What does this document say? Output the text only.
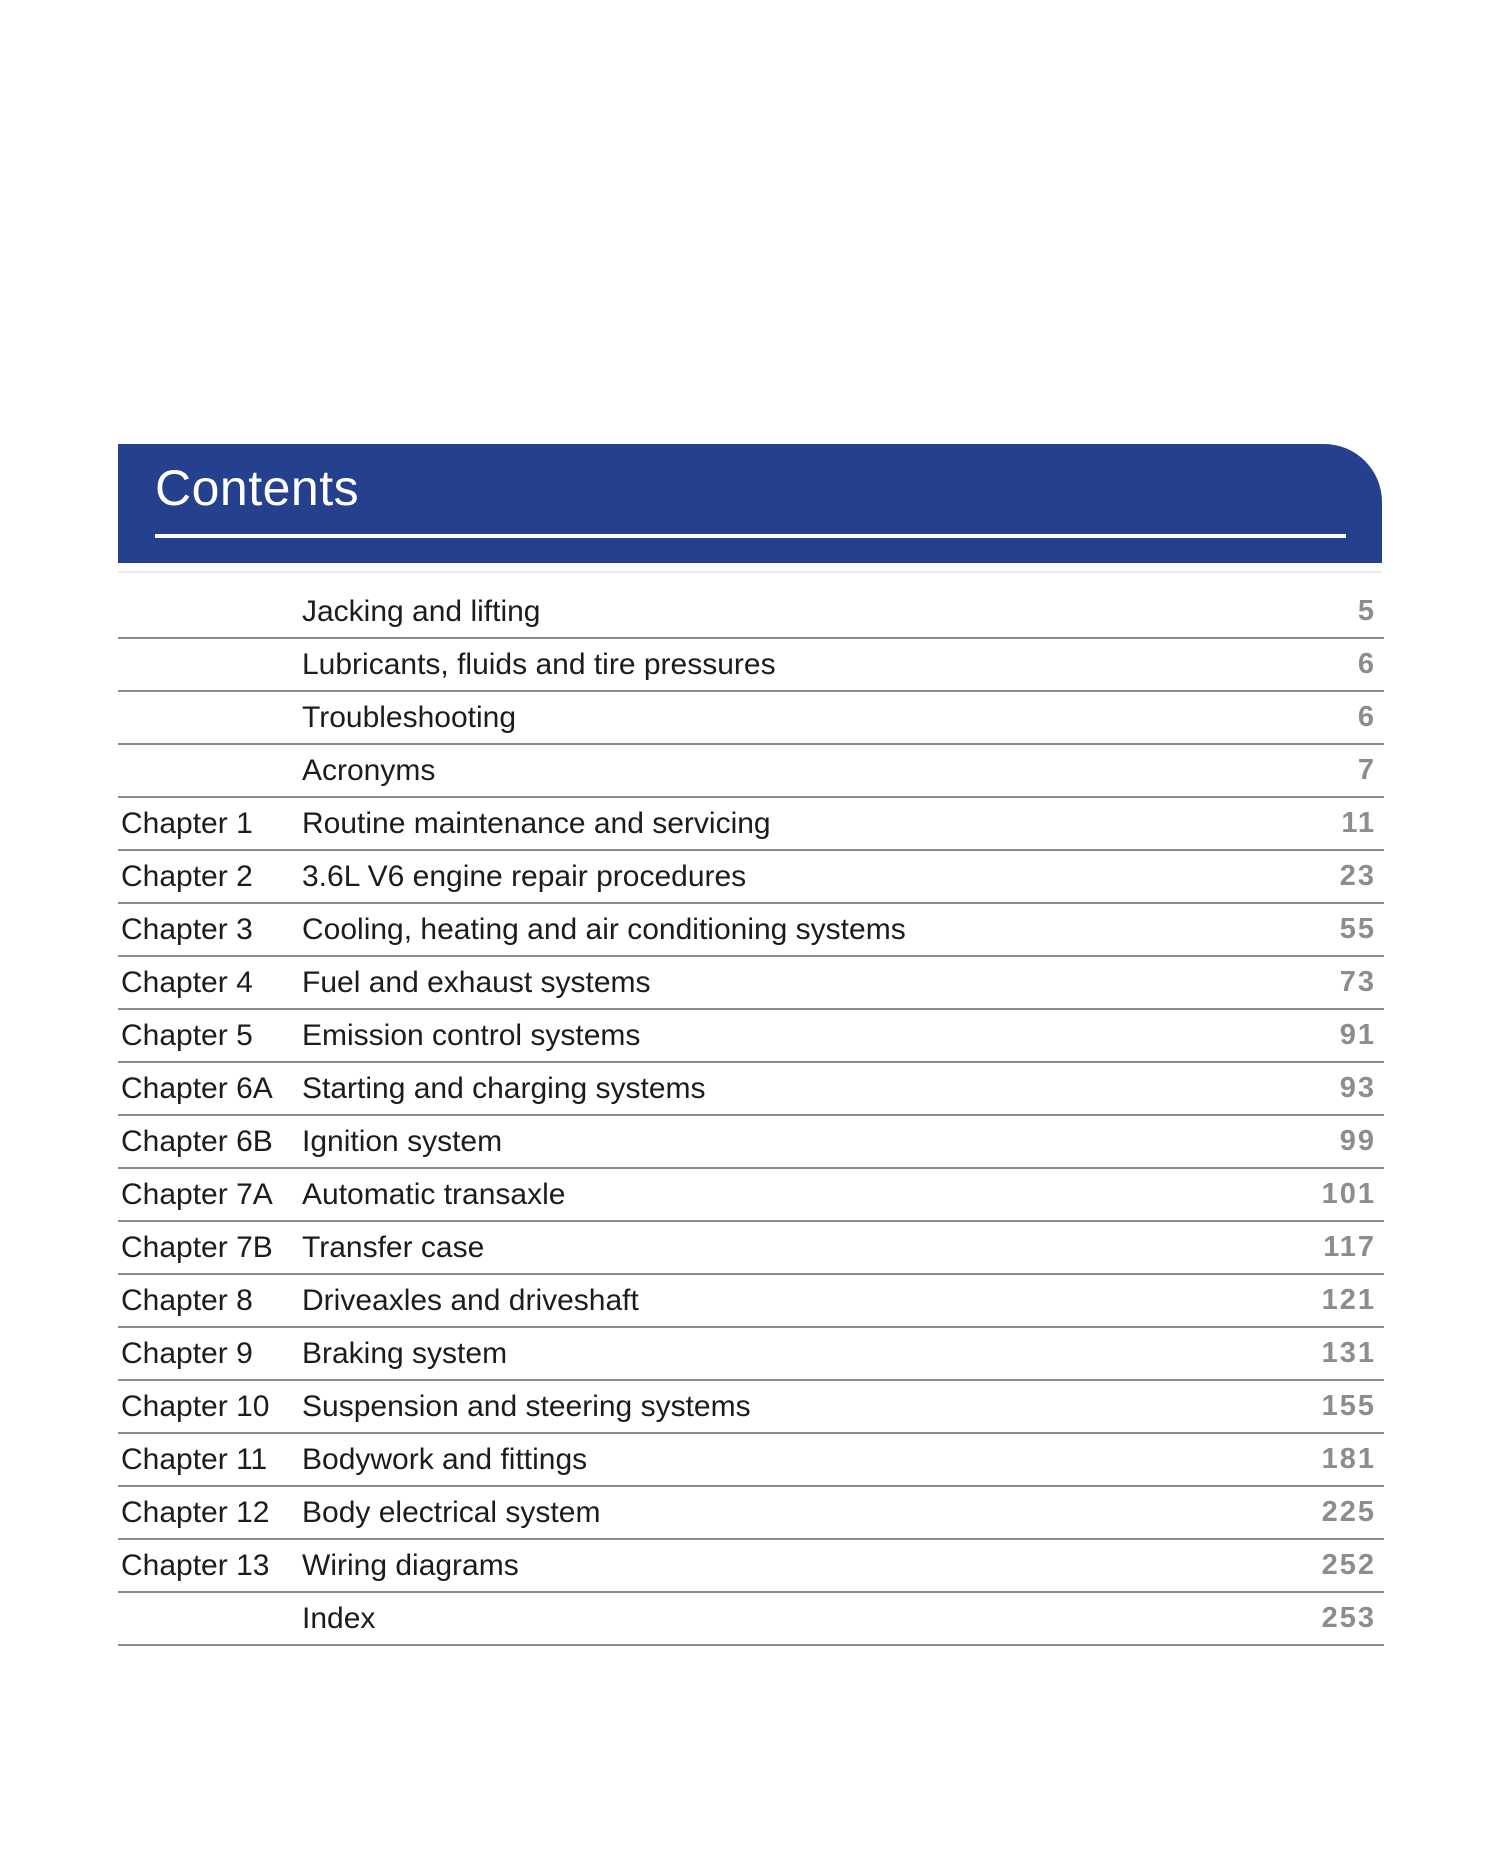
Contents
Jacking and lifting	5
Lubricants, fluids and tire pressures	6
Troubleshooting	6
Acronyms	7
Chapter 1	Routine maintenance and servicing	11
Chapter 2	3.6L V6 engine repair procedures	23
Chapter 3	Cooling, heating and air conditioning systems	55
Chapter 4	Fuel and exhaust systems	73
Chapter 5	Emission control systems	91
Chapter 6A Starting and charging systems	93
Chapter 6B Ignition system	99
Chapter 7A Automatic transaxle	101
Chapter 7B Transfer case	117
Chapter 8	Driveaxles and driveshaft	121
Chapter 9	Braking system	131
Chapter 10	Suspension and steering systems	155
Chapter 11	Bodywork and fittings	181
Chapter 12	Body electrical system	225
Chapter 13	Wiring diagrams	252
Index	253
